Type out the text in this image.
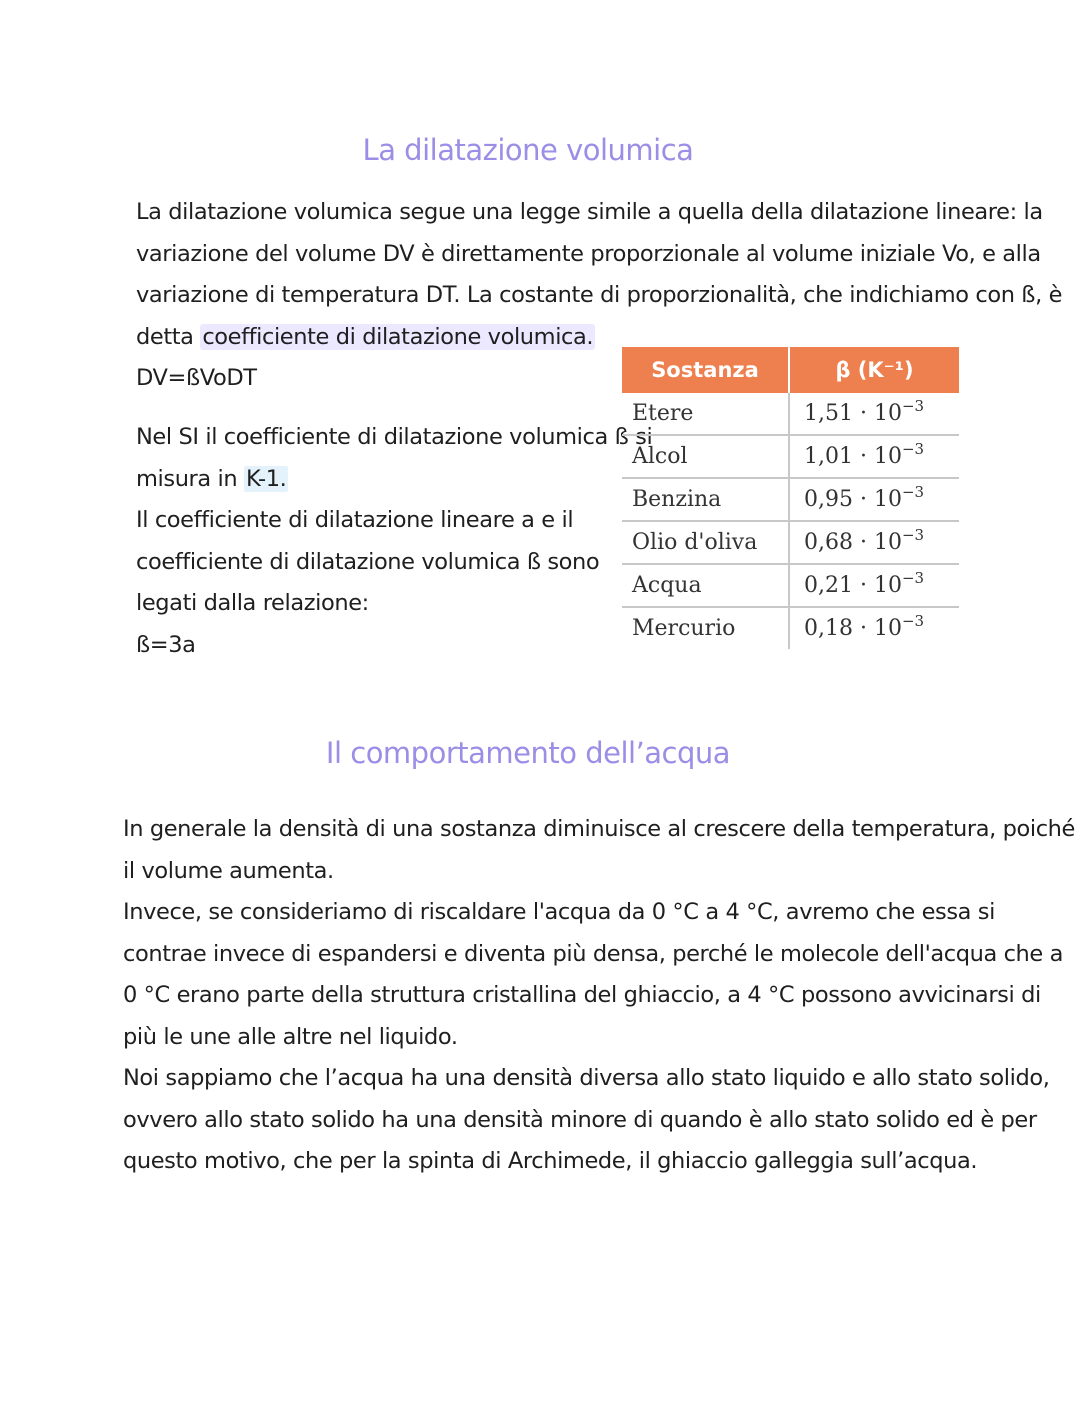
La dilatazione volumica
La dilatazione volumica segue una legge simile a quella della dilatazione lineare: la
variazione del volume DV è direttamente proporzionale al volume iniziale Vo, e alla
variazione di temperatura DT. La costante di proporzionalità, che indichiamo con ß, è
detta coefficiente di dilatazione volumica.
DV=ßVoDT
Nel SI il coefficiente di dilatazione volumica ß si
misura in K-1.
Il coefficiente di dilatazione lineare a e il
coefficiente di dilatazione volumica ß sono
legati dalla relazione:
ß=3a
Sostanza	β (K⁻¹)
Etere	$1,51 \cdot 10^{-3}$
Alcol	$1,01 \cdot 10^{-3}$
Benzina	$0,95 \cdot 10^{-3}$
Olio d'oliva	$0,68 \cdot 10^{-3}$
Acqua	$0,21 \cdot 10^{-3}$
Mercurio	$0,18 \cdot 10^{-3}$
Il comportamento dell’acqua
In generale la densità di una sostanza diminuisce al crescere della temperatura, poiché
il volume aumenta.
Invece, se consideriamo di riscaldare l'acqua da 0 °C a 4 °C, avremo che essa si
contrae invece di espandersi e diventa più densa, perché le molecole dell'acqua che a
0 °C erano parte della struttura cristallina del ghiaccio, a 4 °C possono avvicinarsi di
più le une alle altre nel liquido.
Noi sappiamo che l’acqua ha una densità diversa allo stato liquido e allo stato solido,
ovvero allo stato solido ha una densità minore di quando è allo stato solido ed è per
questo motivo, che per la spinta di Archimede, il ghiaccio galleggia sull’acqua.
